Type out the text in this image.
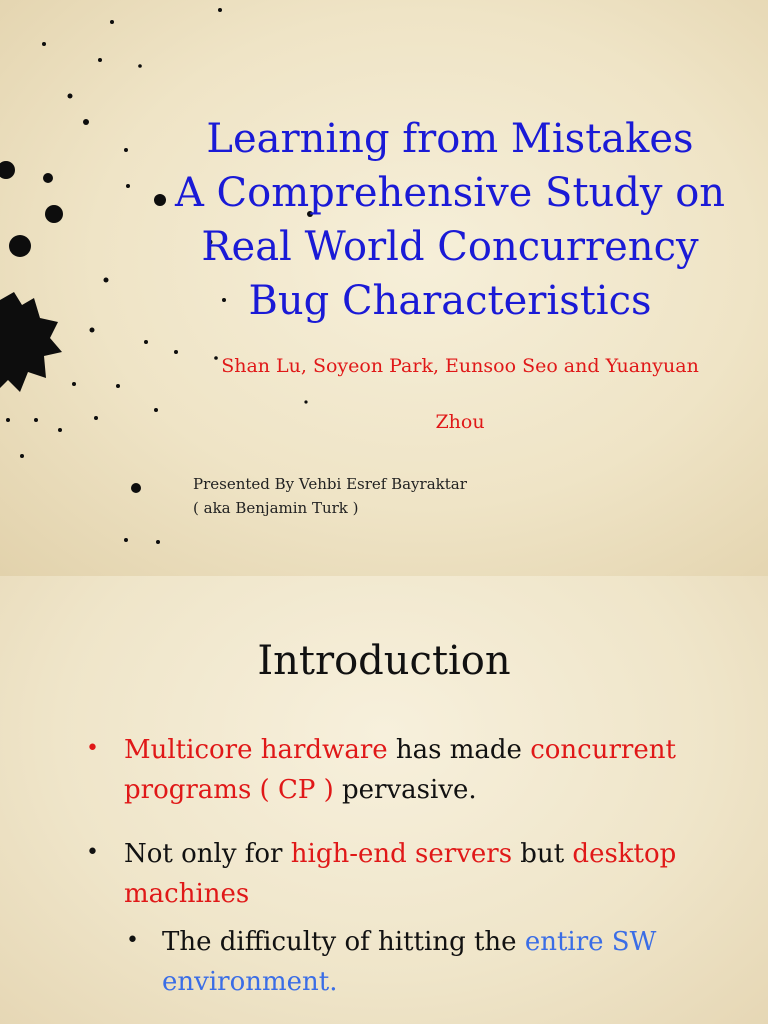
Learning from Mistakes
A Comprehensive Study on
Real World Concurrency
Bug Characteristics
Shan Lu, Soyeon Park, Eunsoo Seo and Yuanyuan
Zhou
Presented By Vehbi Esref Bayraktar
( aka Benjamin Turk )
Introduction
• Multicore hardware has made concurrent
programs ( CP ) pervasive.
• Not only for high-end servers but desktop
machines
• The difficulty of hitting the entire SW
environment.
